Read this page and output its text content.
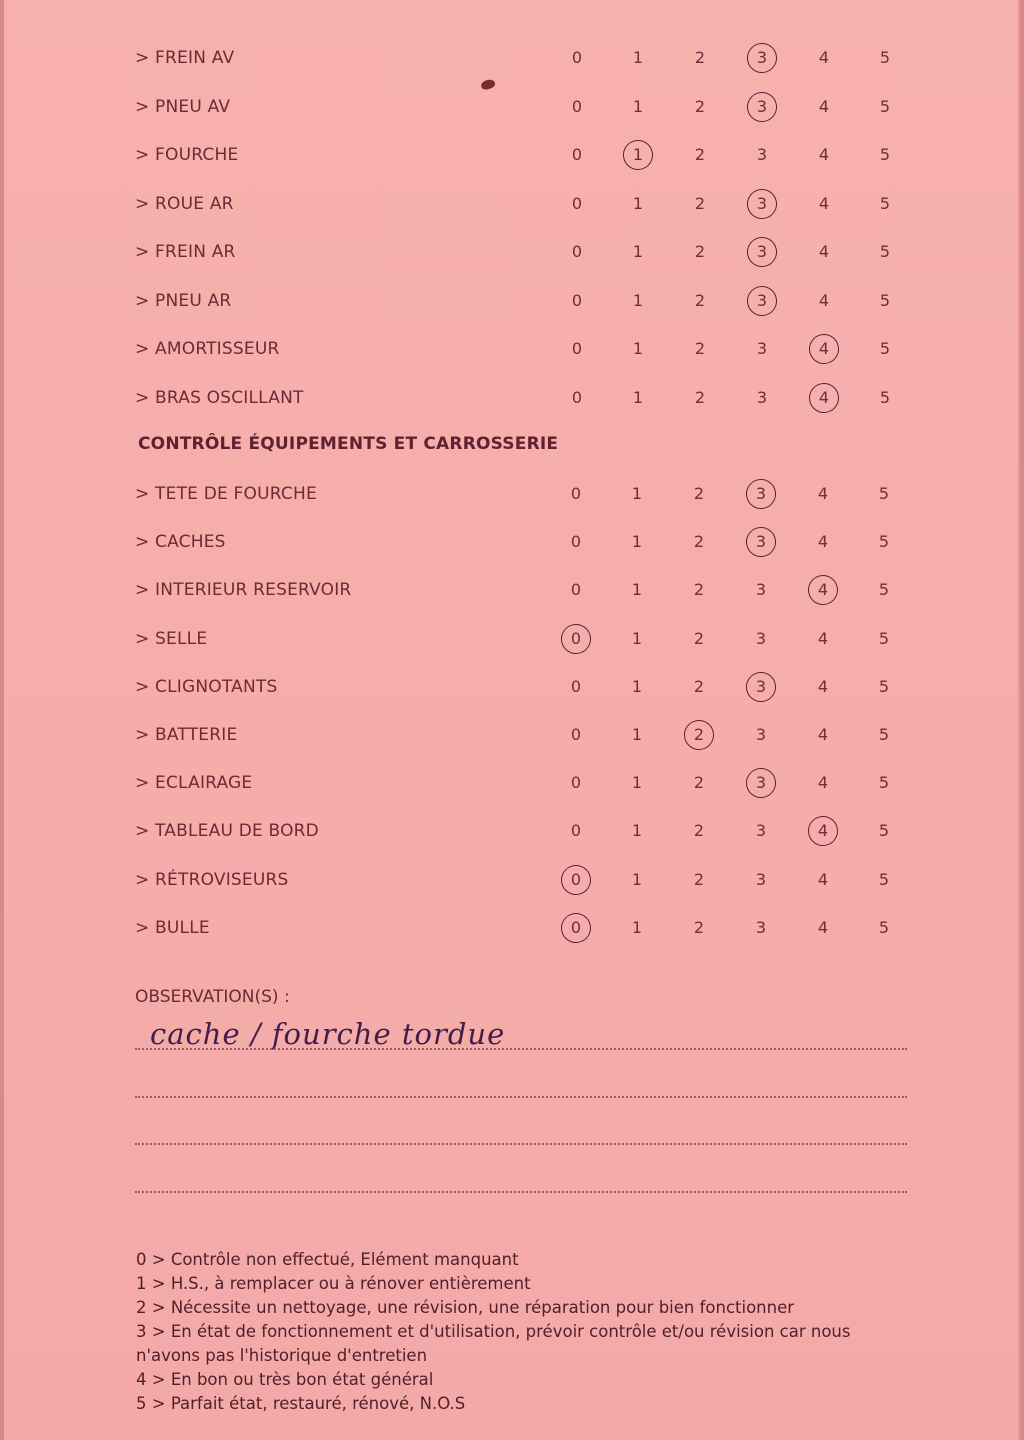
> FREIN AV	0	1	2	3	4	5
> PNEU AV	0	1	2	3	4	5
> FOURCHE	0	1	2	3	4	5
> ROUE AR	0	1	2	3	4	5
> FREIN AR	0	1	2	3	4	5
> PNEU AR	0	1	2	3	4	5
> AMORTISSEUR	0	1	2	3	4	5
> BRAS OSCILLANT	0	1	2	3	4	5
CONTRÔLE ÉQUIPEMENTS ET CARROSSERIE
> TETE DE FOURCHE	0	1	2	3	4	5
> CACHES	0	1	2	3	4	5
> INTERIEUR RESERVOIR	0	1	2	3	4	5
> SELLE	0	1	2	3	4	5
> CLIGNOTANTS	0	1	2	3	4	5
> BATTERIE	0	1	2	3	4	5
> ECLAIRAGE	0	1	2	3	4	5
> TABLEAU DE BORD	0	1	2	3	4	5
> RÉTROVISEURS	0	1	2	3	4	5
> BULLE	0	1	2	3	4	5
OBSERVATION(S) :
cache / fourche tordue
0 > Contrôle non effectué, Elément manquant
1 > H.S., à remplacer ou à rénover entièrement
2 > Nécessite un nettoyage, une révision, une réparation pour bien fonctionner
3 > En état de fonctionnement et d'utilisation, prévoir contrôle et/ou révision car nous
n'avons pas l'historique d'entretien
4 > En bon ou très bon état général
5 > Parfait état, restauré, rénové, N.O.S
